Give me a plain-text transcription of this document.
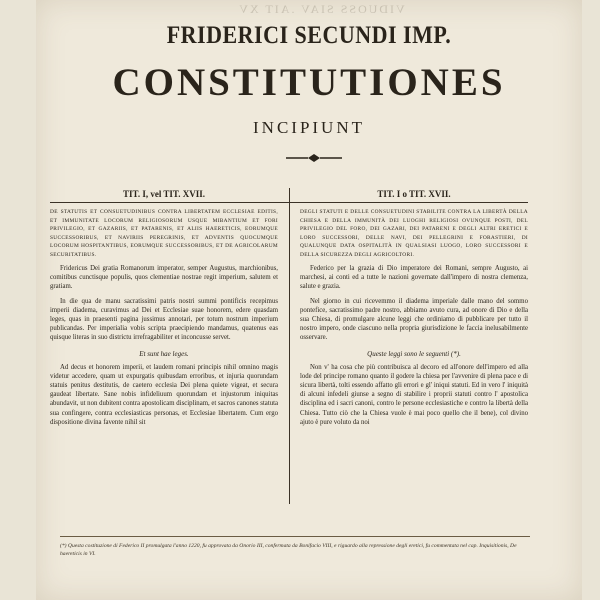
VIDUOSS SIAV .AIT XV
FRIDERICI SECUNDI IMP.
CONSTITUTIONES
INCIPIUNT
TIT. I, vel TIT. XVII.
DE STATUTIS ET CONSUETUDINIBUS CONTRA LIBERTATEM ECCLESIAE EDITIS, ET IMMUNITATE LOCORUM RELIGIOSORUM USQUE MIBANTIUM ET FORI PRIVILEGIO, ET GAZARIIS, ET PATARENIS, ET ALIIS HAERETICIS, EORUMQUE SUCCESSORIBUS, ET NAVIRIIS PEREGRINIS, ET ADVENTIS QUOCUMQUE LOCORUM HOSPITANTIBUS, EORUMQUE SUCCESSORIBUS, ET DE AGRICOLARUM SECURITATIBUS.
Fridericus Dei gratia Romanorum imperator, semper Augustus, marchionibus, comitibus cunctisque populis, quos clementiae nostrae regit imperium, salutem et gratiam.
In die qua de manu sacratissimi patris nostri summi pontificis recepimus imperii diadema, curavimus ad Dei et Ecclesiae suae honorem, edere quasdam leges, quas in praesenti pagina jussimus annotari, per totum nostrum imperium publicandas. Per imperialia vobis scripta praecipiendo mandamus, quatenus eas quisque literas in suo districtu irrefragabiliter et inconcusse servet.
Et sunt hae leges.
Ad decus et honorem imperii, et laudem romani principis nihil omnino magis videtur accedere, quam ut expurgatis quibusdam erroribus, et injuria quorundam statuis penitus destitutis, de caetero ecclesia Dei plena quiete vigeat, et secura gaudeat libertate. Sane nobis infideliuum quorundam et injustorum iniquitas abundavit, ut non dubitent contra apostolicam disciplinam, et sacros canones statuta sua confingere, contra ecclesiasticas personas, et Ecclesiae libertatem. Cum ergo dispositione divina favente nihil sit
TIT. I o TIT. XVII.
DEGLI STATUTI E DELLE CONSUETUDINI STABILITE CONTRA LA LIBERTÀ DELLA CHIESA E DELLA IMMUNITÀ DEI LUOGHI RELIGIOSI OVUNQUE POSTI, DEL PRIVILEGIO DEL FORO, DEI GAZARI, DEI PATARENI E DEGLI ALTRI ERETICI E LORO SUCCESSORI, DELLE NAVI, DEI PELLEGRINI E FORASTIERI, DI QUALUNQUE DATA OSPITALITÀ IN QUALSIASI LUOGO, LORO SUCCESSORI E DELLA SICUREZZA DEGLI AGRICOLTORI.
Federico per la grazia di Dio imperatore dei Romani, sempre Augusto, ai marchesi, ai conti ed a tutte le nazioni governate dall'impero di nostra clemenza, salute e grazia.
Nel giorno in cui ricevemmo il diadema imperiale dalle mano del sommo pontefice, sacratissimo padre nostro, abbiamo avuto cura, ad onore di Dio e della sua Chiesa, di promulgare alcune leggi che ordiniamo di pubblicare per tutto il nostro impero, onde ciascuno nella propria giurisdizione le faccia inelusabilmente osservare.
Queste leggi sono le seguenti (*).
Non v' ha cosa che più contribuisca al decoro ed all'onore dell'impero ed alla lode del principe romano quanto il godere la chiesa per l'avvenire di plena pace e di sicura libertà, tolti essendo affatto gli errori e gl' iniqui statuti. Ed in vero l' iniquità di alcuni infedeli giunse a segno di stabilire i proprii statuti contro l' apostolica disciplina ed i sacri canoni, contro le persone ecclesiastiche e contro la libertà della Chiesa. Tutto ciò che la Chiesa vuole è mai poco quello che il bene), col divino ajuto è pure voluto da noi
(*) Questa costituzione di Federico II promulgata l'anno 1220, fu approvata da Onorio III, confermata da Bonifacio VIII, e riguardo alla repressione degli eretici, fu commentata nel cap. Inquisitionis, De haereticis in VI.
